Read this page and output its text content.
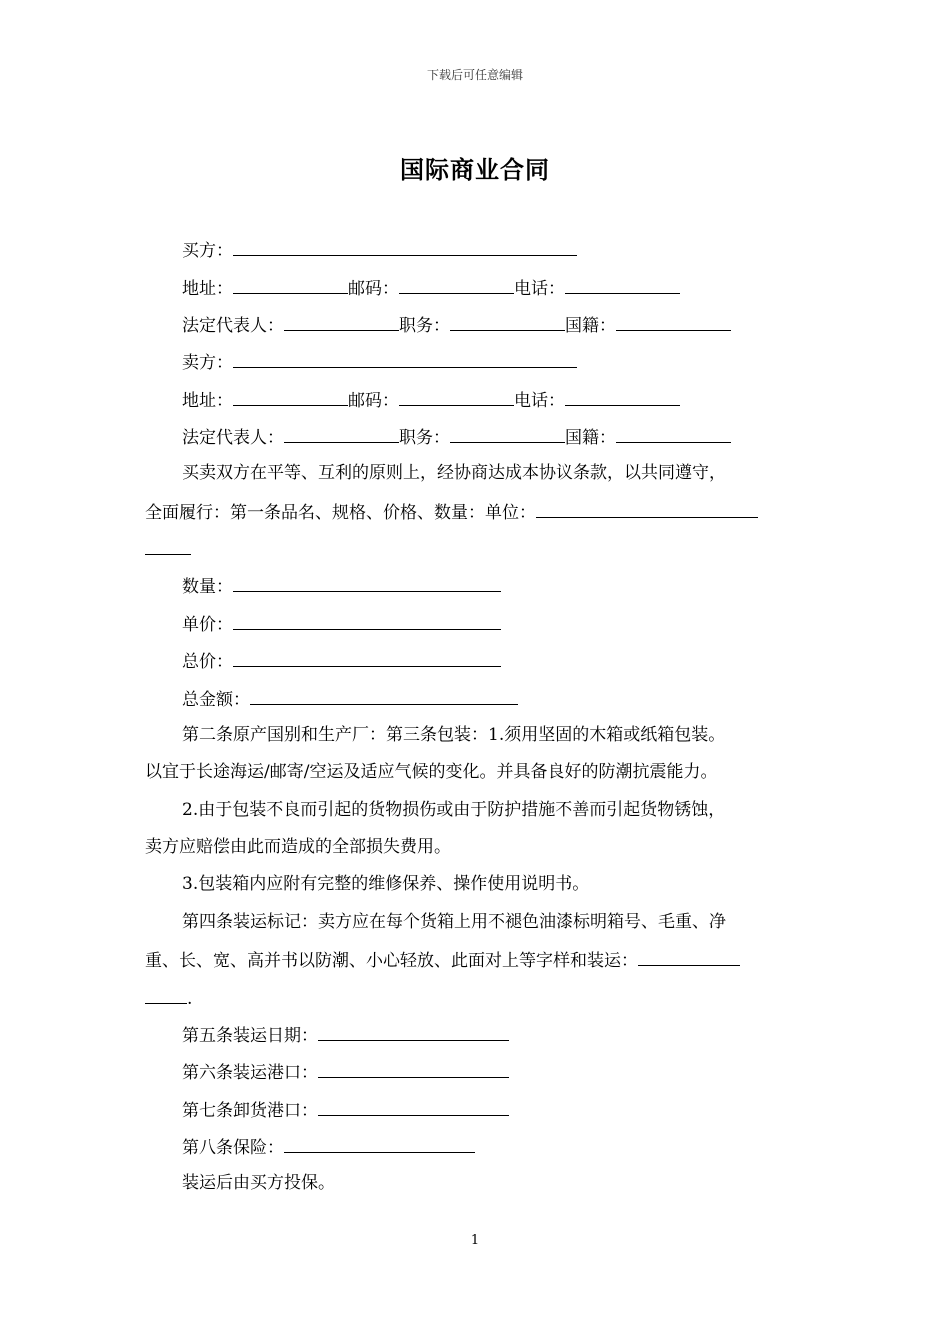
下载后可任意编辑
国际商业合同
买方：
地址：	邮码：	电话：
法定代表人：	职务：	国籍：
卖方：
地址：	邮码：	电话：
法定代表人：	职务：	国籍：
买卖双方在平等、互利的原则上，经协商达成本协议条款，以共同遵守，
全面履行：第一条品名、规格、价格、数量：单位：
数量：
单价：
总价：
总金额：
第二条原产国别和生产厂：第三条包装：1.须用坚固的木箱或纸箱包装。
以宜于长途海运/邮寄/空运及适应气候的变化。并具备良好的防潮抗震能力。
2.由于包装不良而引起的货物损伤或由于防护措施不善而引起货物锈蚀，
卖方应赔偿由此而造成的全部损失费用。
3.包装箱内应附有完整的维修保养、操作使用说明书。
第四条装运标记：卖方应在每个货箱上用不褪色油漆标明箱号、毛重、净
重、长、宽、高并书以防潮、小心轻放、此面对上等字样和装运：
.
第五条装运日期：
第六条装运港口：
第七条卸货港口：
第八条保险：
装运后由买方投保。
1
